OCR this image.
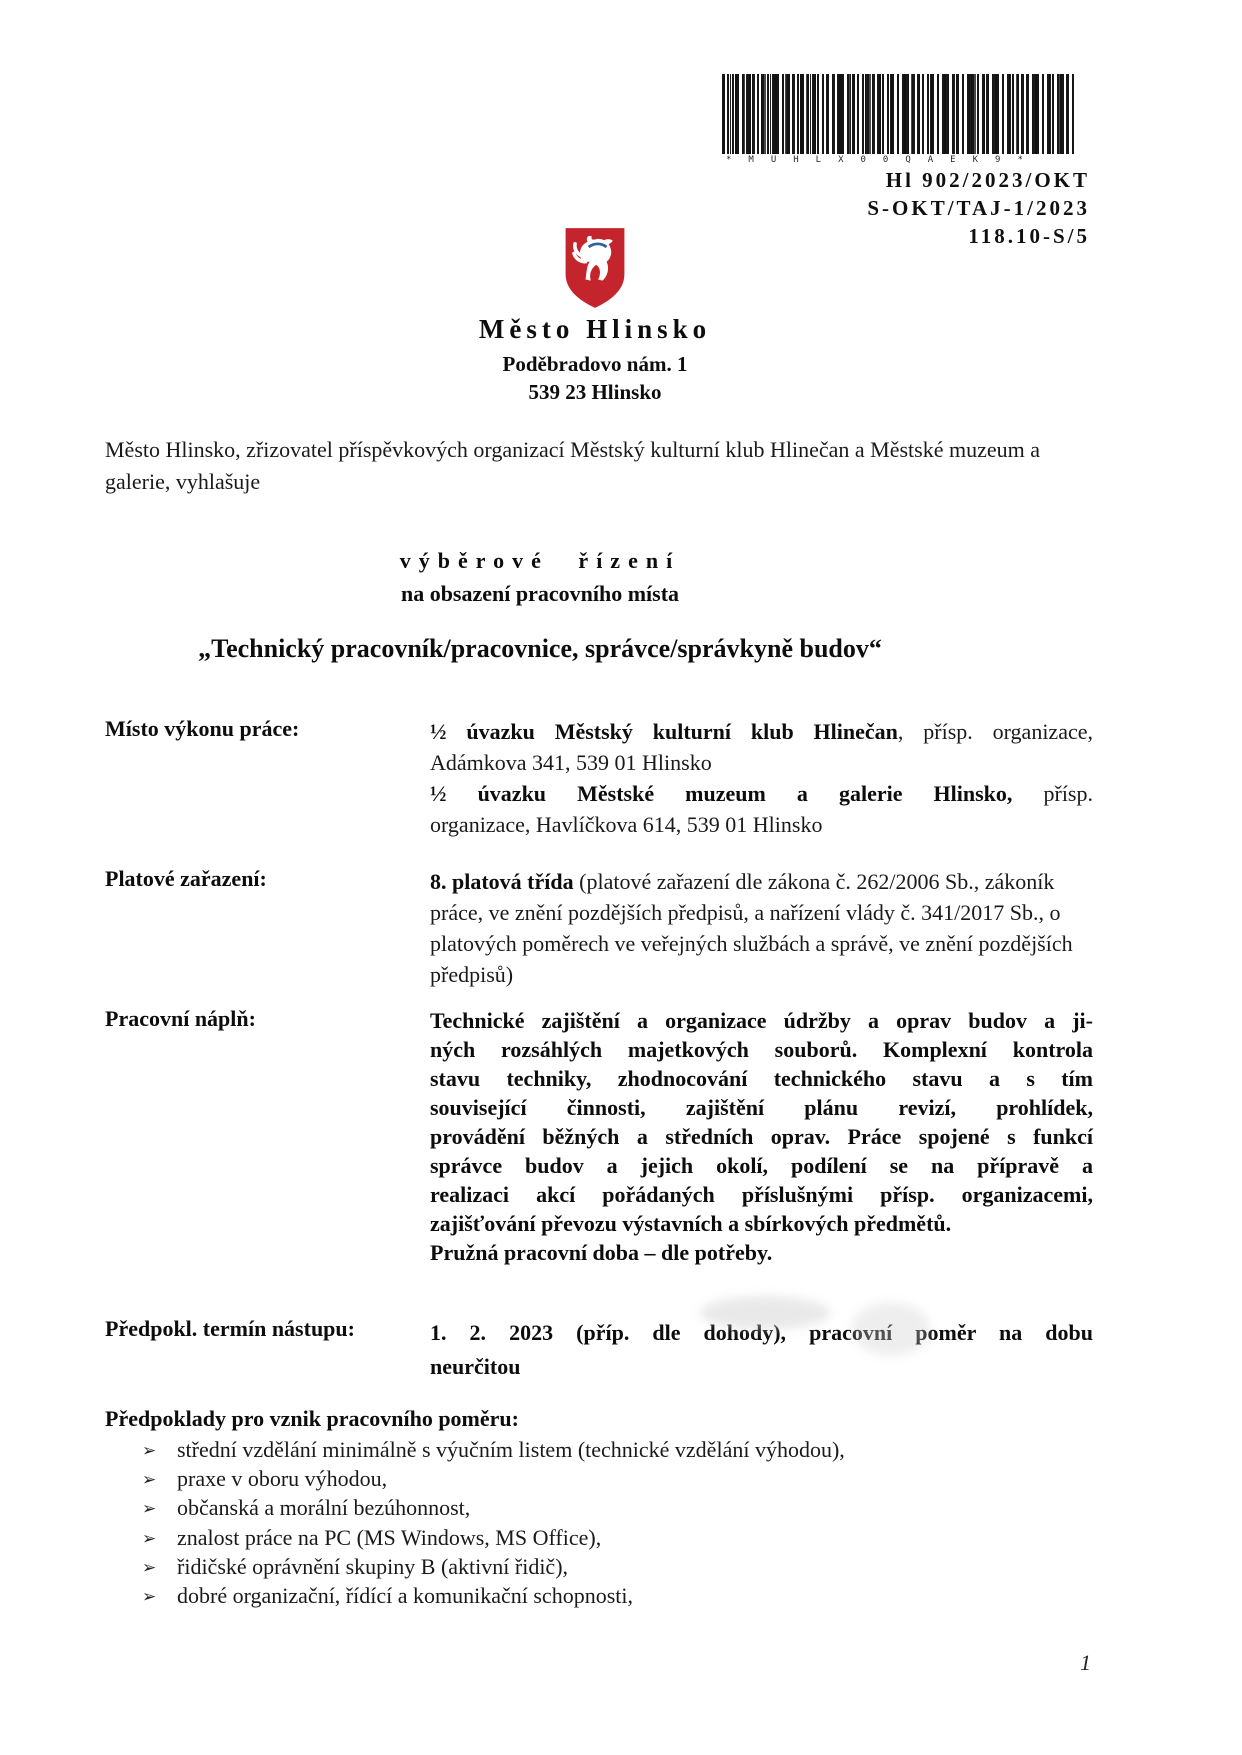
*MUHLX00QAEK9*
Hl 902/2023/OKT
S-OKT/TAJ-1/2023
118.10-S/5
Město Hlinsko
Poděbradovo nám. 1
539 23 Hlinsko
Město Hlinsko, zřizovatel příspěvkových organizací Městský kulturní klub Hlinečan a Městské muzeum a galerie, vyhlašuje
výběrové řízení
na obsazení pracovního místa
„Technický pracovník/pracovnice, správce/správkyně budov“
Místo výkonu práce:	½ úvazku Městský kulturní klub Hlinečan, přísp. organizace,
Adámkova 341, 539 01 Hlinsko
½ úvazku Městské muzeum a galerie Hlinsko, přísp.
organizace, Havlíčkova 614, 539 01 Hlinsko
Platové zařazení:	8. platová třída (platové zařazení dle zákona č. 262/2006 Sb., zákoník práce, ve znění pozdějších předpisů, a nařízení vlády č. 341/2017 Sb., o platových poměrech ve veřejných službách a správě, ve znění pozdějších předpisů)
Pracovní náplň:	Technické zajištění a organizace údržby a oprav budov a ji-
ných rozsáhlých majetkových souborů. Komplexní kontrola
stavu techniky, zhodnocování technického stavu a s tím
související činnosti, zajištění plánu revizí, prohlídek,
provádění běžných a středních oprav. Práce spojené s funkcí
správce budov a jejich okolí, podílení se na přípravě a
realizaci akcí pořádaných příslušnými přísp. organizacemi,
zajišťování převozu výstavních a sbírkových předmětů.
Pružná pracovní doba – dle potřeby.
Předpokl. termín nástupu:	1. 2. 2023 (příp. dle dohody), pracovní poměr na dobu
neurčitou
Předpoklady pro vznik pracovního poměru:
➢ střední vzdělání minimálně s výučním listem (technické vzdělání výhodou),
➢ praxe v oboru výhodou,
➢ občanská a morální bezúhonnost,
➢ znalost práce na PC (MS Windows, MS Office),
➢ řidičské oprávnění skupiny B (aktivní řidič),
➢ dobré organizační, řídící a komunikační schopnosti,
1
